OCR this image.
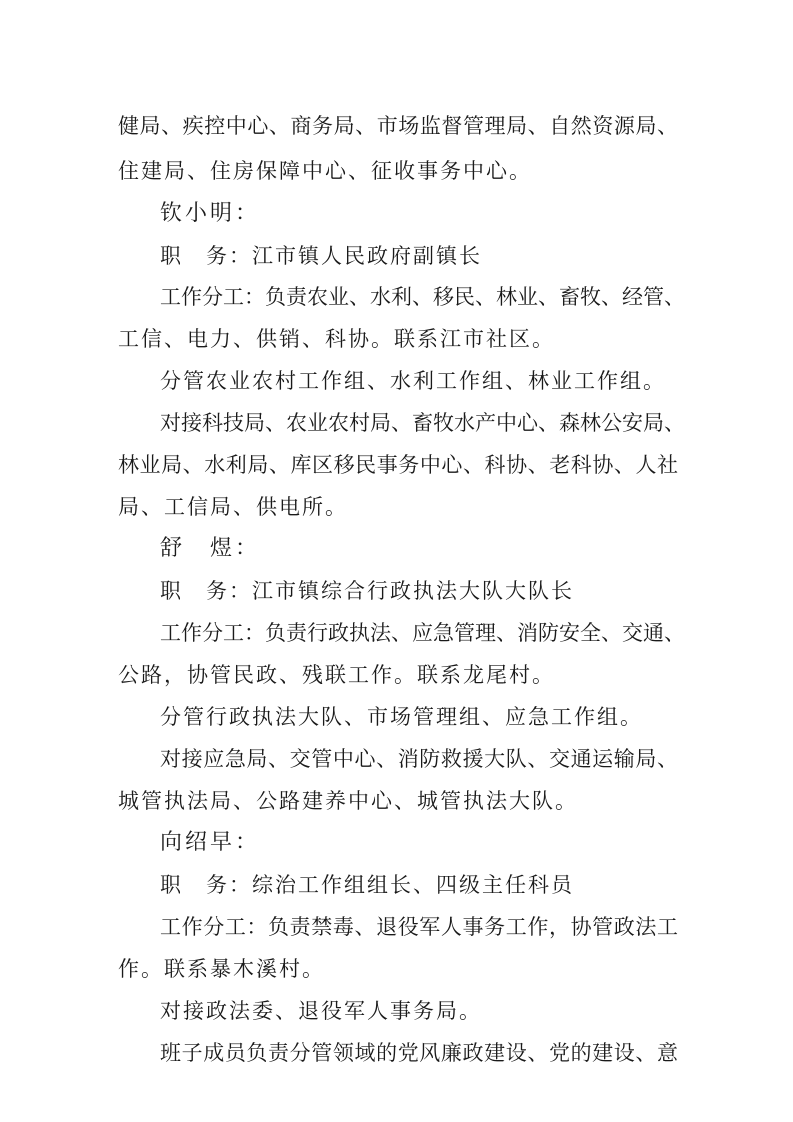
健局、疾控中心、商务局、市场监督管理局、自然资源局、
住建局、住房保障中心、征收事务中心。
钦小明：
职　务：江市镇人民政府副镇长
工作分工：负责农业、水利、移民、林业、畜牧、经管、
工信、电力、供销、科协。联系江市社区。
分管农业农村工作组、水利工作组、林业工作组。
对接科技局、农业农村局、畜牧水产中心、森林公安局、
林业局、水利局、库区移民事务中心、科协、老科协、人社
局、工信局、供电所。
舒　煜：
职　务：江市镇综合行政执法大队大队长
工作分工：负责行政执法、应急管理、消防安全、交通、
公路，协管民政、残联工作。联系龙尾村。
分管行政执法大队、市场管理组、应急工作组。
对接应急局、交管中心、消防救援大队、交通运输局、
城管执法局、公路建养中心、城管执法大队。
向绍早：
职　务：综治工作组组长、四级主任科员
工作分工：负责禁毒、退役军人事务工作，协管政法工
作。联系暴木溪村。
对接政法委、退役军人事务局。
班子成员负责分管领域的党风廉政建设、党的建设、意
